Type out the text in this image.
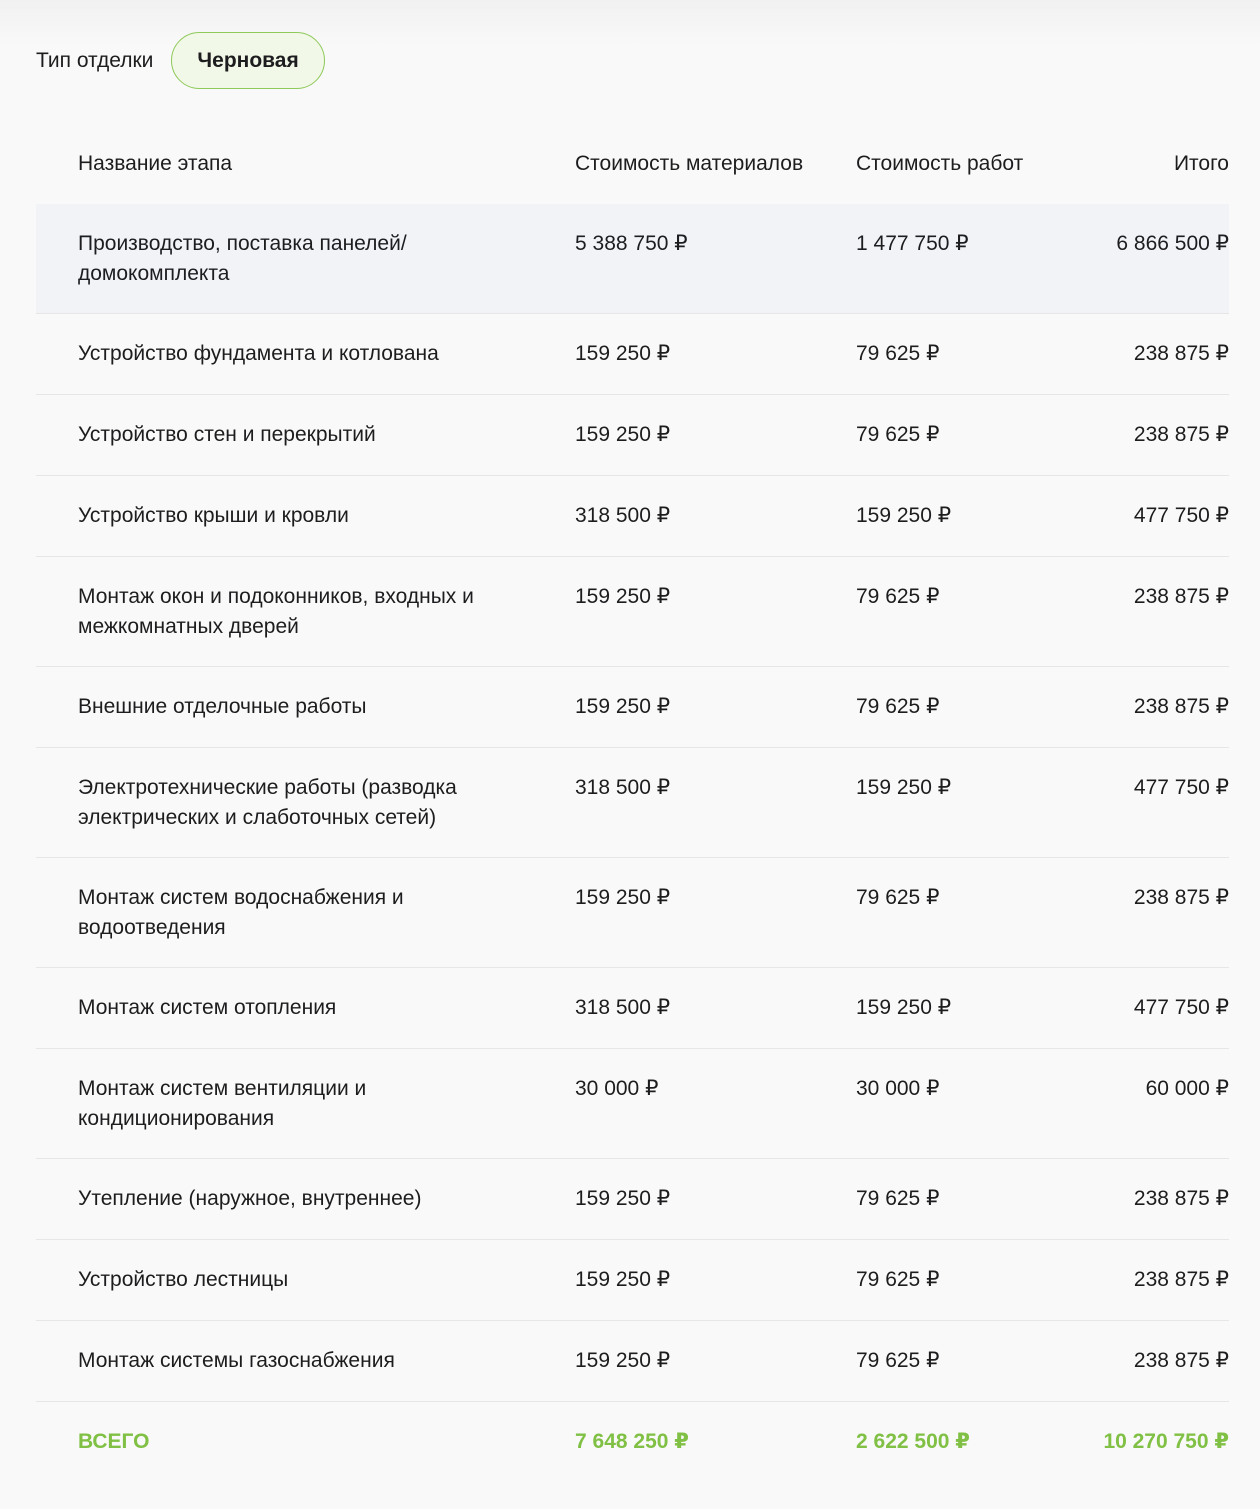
Тип отделки	Черновая
Название этапа	Стоимость материалов	Стоимость работ	Итого
Производство, поставка панелей/ домокомплекта
5 388 750 ₽	1 477 750 ₽	6 866 500 ₽
Устройство фундамента и котлована	159 250 ₽	79 625 ₽	238 875 ₽
Устройство стен и перекрытий	159 250 ₽	79 625 ₽	238 875 ₽
Устройство крыши и кровли	318 500 ₽	159 250 ₽	477 750 ₽
Монтаж окон и подоконников, входных и межкомнатных дверей
159 250 ₽	79 625 ₽	238 875 ₽
Внешние отделочные работы	159 250 ₽	79 625 ₽	238 875 ₽
Электротехнические работы (разводка электрических и слаботочных сетей)
318 500 ₽	159 250 ₽	477 750 ₽
Монтаж систем водоснабжения и водоотведения
159 250 ₽	79 625 ₽	238 875 ₽
Монтаж систем отопления	318 500 ₽	159 250 ₽	477 750 ₽
Монтаж систем вентиляции и кондиционирования
30 000 ₽	30 000 ₽	60 000 ₽
Утепление (наружное, внутреннее)	159 250 ₽	79 625 ₽	238 875 ₽
Устройство лестницы	159 250 ₽	79 625 ₽	238 875 ₽
Монтаж системы газоснабжения	159 250 ₽	79 625 ₽	238 875 ₽
ВСЕГО	7 648 250 ₽	2 622 500 ₽	10 270 750 ₽
